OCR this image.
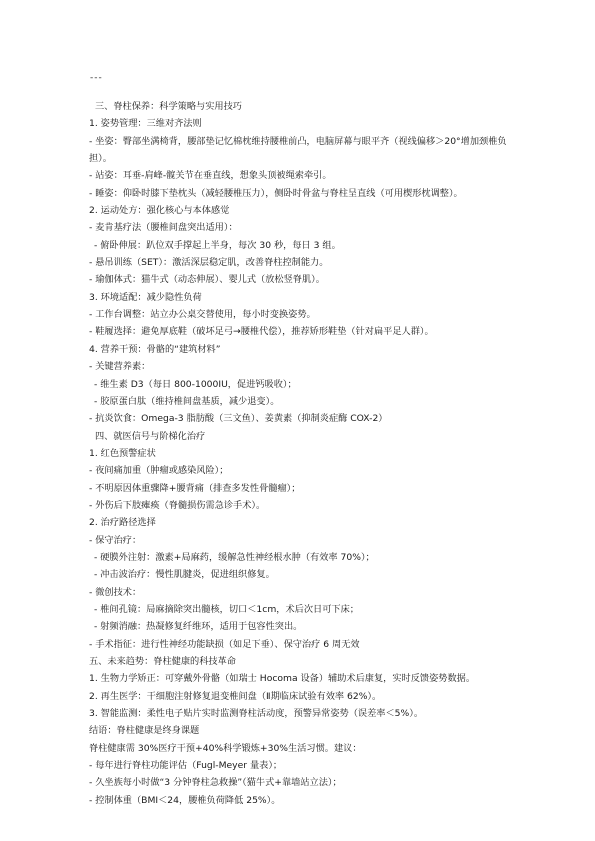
---

三、脊柱保养：科学策略与实用技巧

1. 姿势管理：三维对齐法则

- 坐姿：臀部坐满椅背，腰部垫记忆棉枕维持腰椎前凸，电脑屏幕与眼平齐（视线偏移＞20°增加颈椎负担）。

- 站姿：耳垂-肩峰-髋关节在垂直线，想象头顶被绳索牵引。

- 睡姿：仰卧时膝下垫枕头（减轻腰椎压力），侧卧时骨盆与脊柱呈直线（可用楔形枕调整）。

2. 运动处方：强化核心与本体感觉

- 麦肯基疗法（腰椎间盘突出适用）：

- 俯卧伸展：趴位双手撑起上半身，每次 30 秒，每日 3 组。

- 悬吊训练（SET）：激活深层稳定肌，改善脊柱控制能力。

- 瑜伽体式：猫牛式（动态伸展）、婴儿式（放松竖脊肌）。

3. 环境适配：减少隐性负荷

- 工作台调整：站立办公桌交替使用，每小时变换姿势。

- 鞋履选择：避免厚底鞋（破坏足弓→腰椎代偿），推荐矫形鞋垫（针对扁平足人群）。

4. 营养干预：骨骼的“建筑材料”

- 关键营养素：

- 维生素 D3（每日 800-1000IU，促进钙吸收）；

- 胶原蛋白肽（维持椎间盘基质，减少退变）。

- 抗炎饮食：Omega-3 脂肪酸（三文鱼）、姜黄素（抑制炎症酶 COX-2）

四、就医信号与阶梯化治疗

1. 红色预警症状

- 夜间痛加重（肿瘤或感染风险）；

- 不明原因体重骤降+腰背痛（排查多发性骨髓瘤）；

- 外伤后下肢瘫痪（脊髓损伤需急诊手术）。

2. 治疗路径选择

- 保守治疗：

- 硬膜外注射：激素+局麻药，缓解急性神经根水肿（有效率 70%）；

- 冲击波治疗：慢性肌腱炎，促进组织修复。

- 微创技术：

- 椎间孔镜：局麻摘除突出髓核，切口＜1cm，术后次日可下床；

- 射频消融：热凝修复纤维环，适用于包容性突出。

- 手术指征：进行性神经功能缺损（如足下垂）、保守治疗 6 周无效

五、未来趋势：脊柱健康的科技革命

1. 生物力学矫正：可穿戴外骨骼（如瑞士 Hocoma 设备）辅助术后康复，实时反馈姿势数据。

2. 再生医学：干细胞注射修复退变椎间盘（Ⅱ期临床试验有效率 62%）。

3. 智能监测：柔性电子贴片实时监测脊柱活动度，预警异常姿势（误差率＜5%）。

结语：脊柱健康是终身课题

脊柱健康需 30%医疗干预+40%科学锻炼+30%生活习惯。建议：

- 每年进行脊柱功能评估（Fugl-Meyer 量表）；

- 久坐族每小时做“3 分钟脊柱急救操”（猫牛式+靠墙站立法）；

- 控制体重（BMI＜24，腰椎负荷降低 25%）。
